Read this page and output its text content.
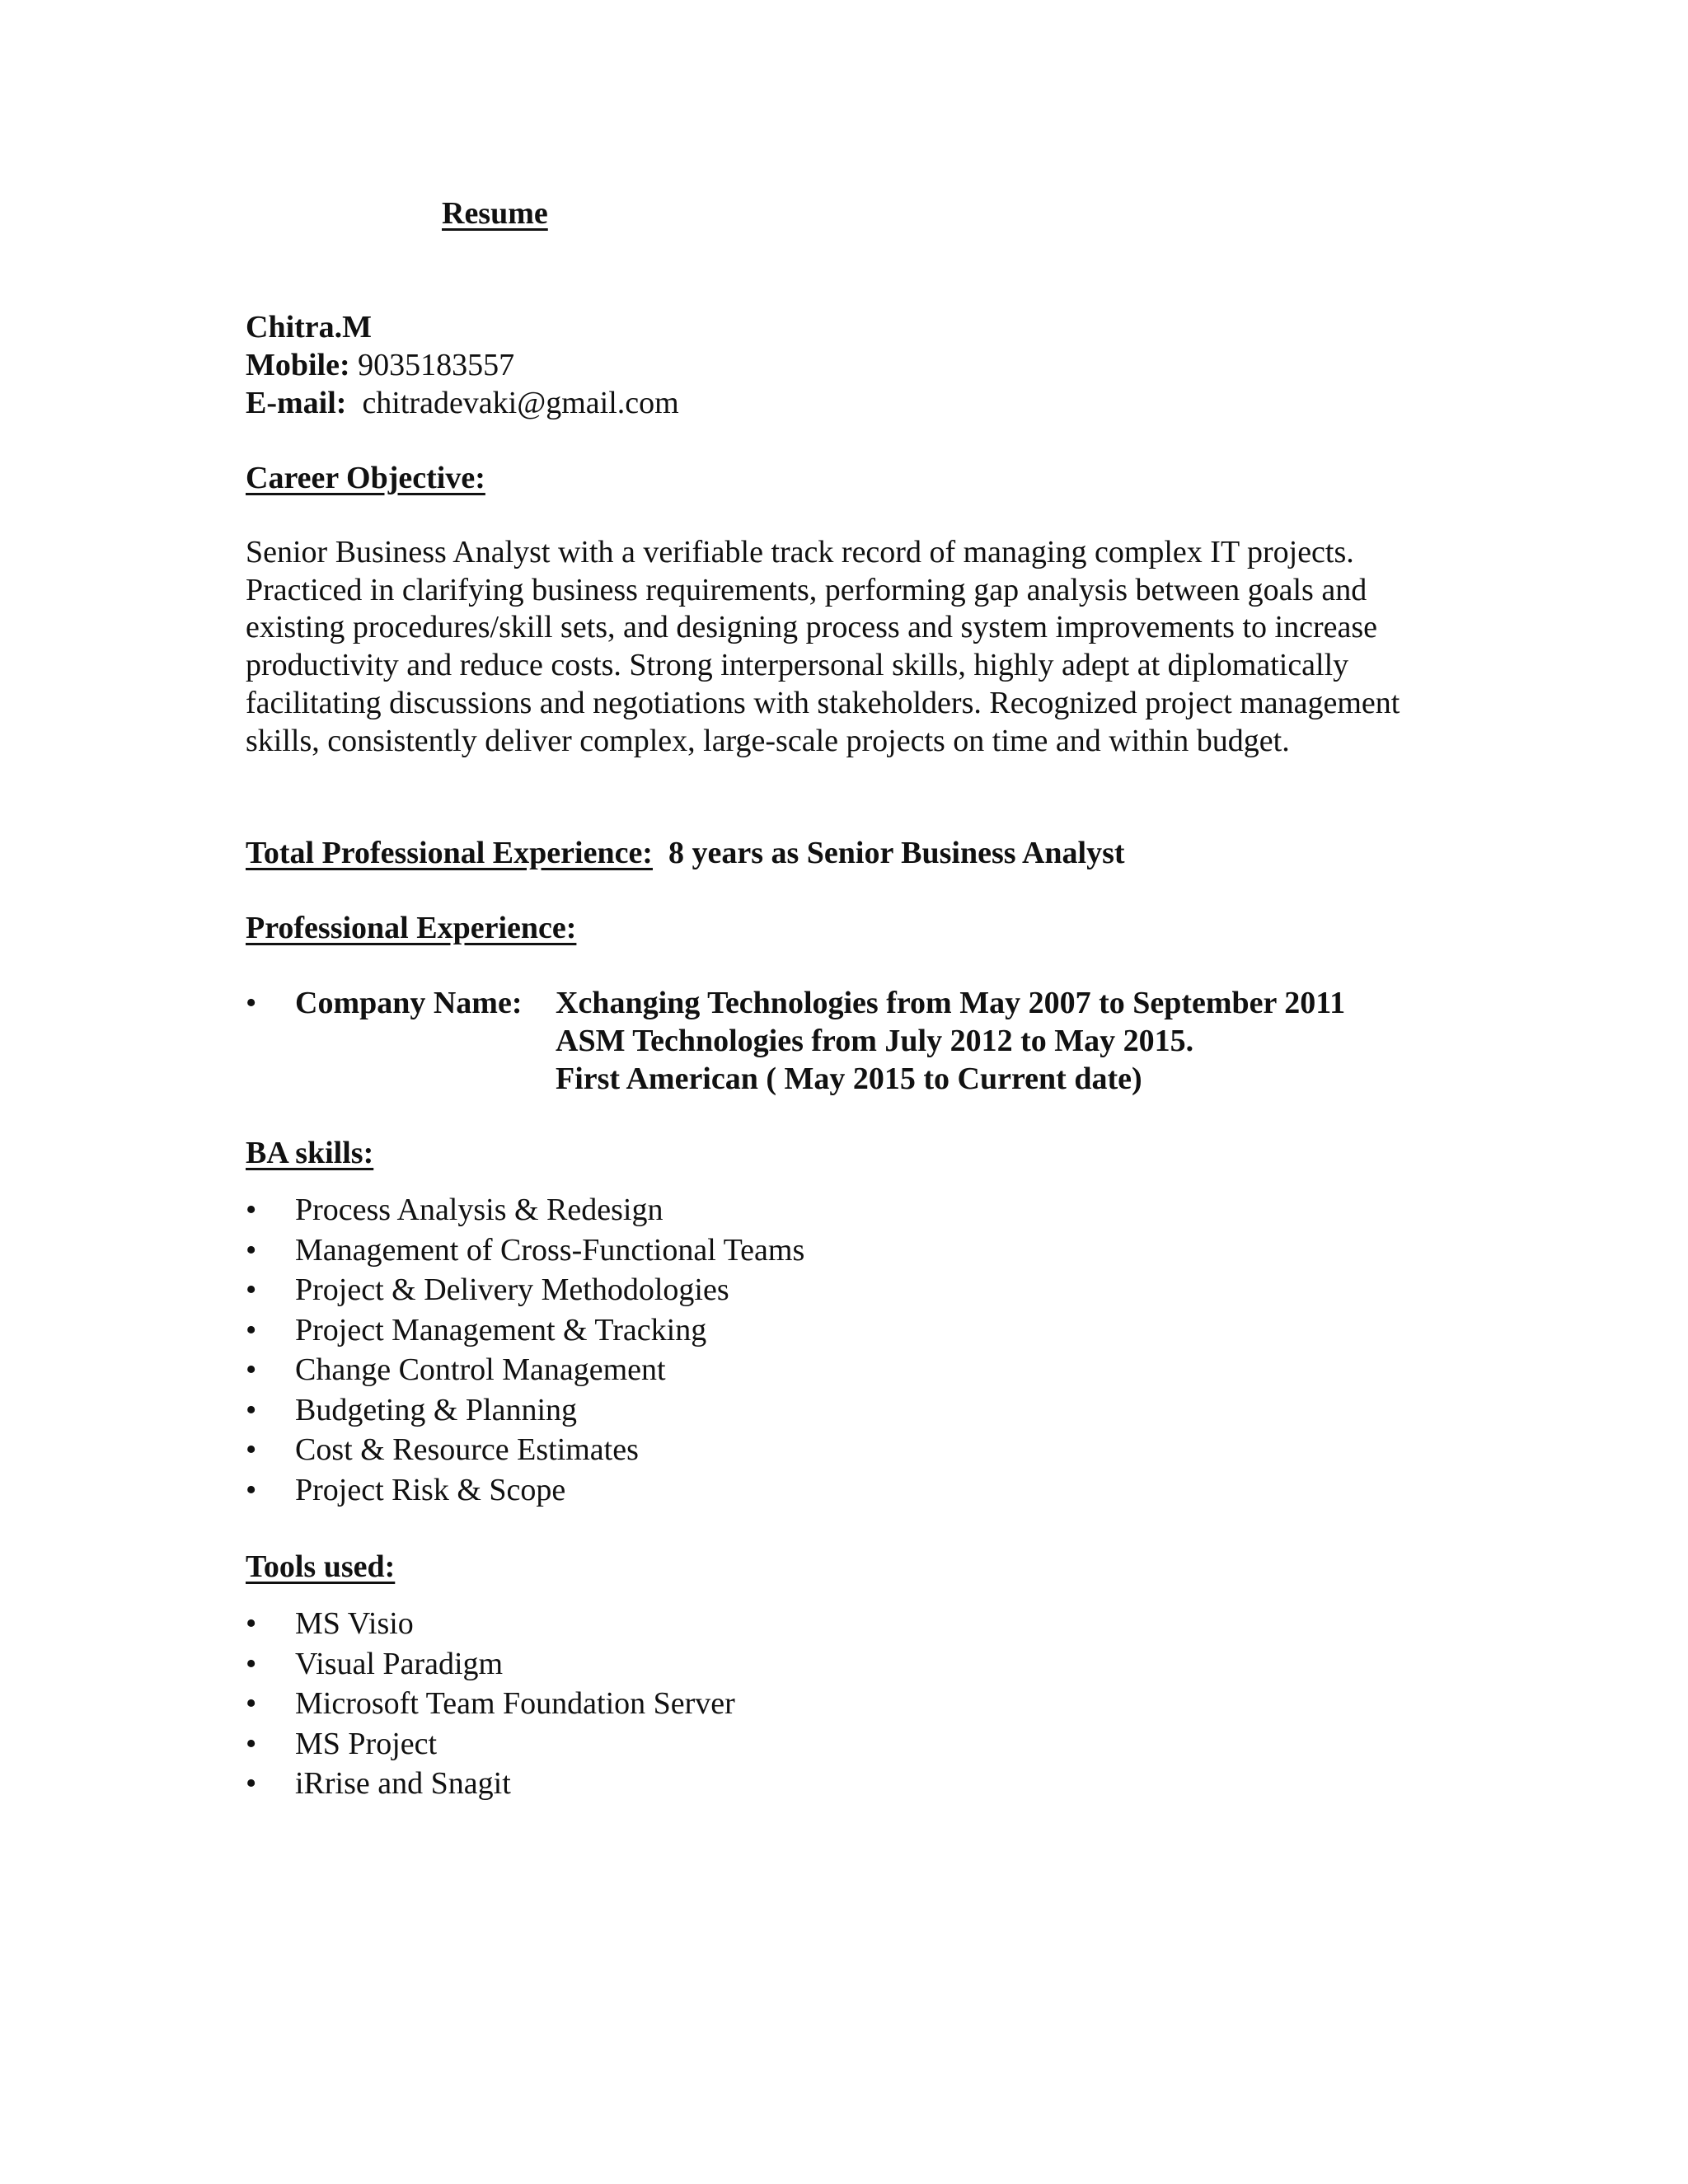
Resume
Chitra.M
Mobile: 9035183557
E-mail: chitradevaki@gmail.com
Career Objective:

Senior Business Analyst with a verifiable track record of managing complex IT projects. Practiced in clarifying business requirements, performing gap analysis between goals and existing procedures/skill sets, and designing process and system improvements to increase productivity and reduce costs. Strong interpersonal skills, highly adept at diplomatically facilitating discussions and negotiations with stakeholders. Recognized project management skills, consistently deliver complex, large-scale projects on time and within budget.

Total Professional Experience: 8 years as Senior Business Analyst
Professional Experience:
•	Company Name:	Xchanging Technologies from May 2007 to September 2011
ASM Technologies from July 2012 to May 2015.
First American ( May 2015 to Current date)
BA skills:
•	Process Analysis & Redesign
•	Management of Cross-Functional Teams
•	Project & Delivery Methodologies
•	Project Management & Tracking
•	Change Control Management
•	Budgeting & Planning
•	Cost & Resource Estimates
•	Project Risk & Scope
Tools used:
•	MS Visio
•	Visual Paradigm
•	Microsoft Team Foundation Server
•	MS Project
•	iRrise and Snagit
